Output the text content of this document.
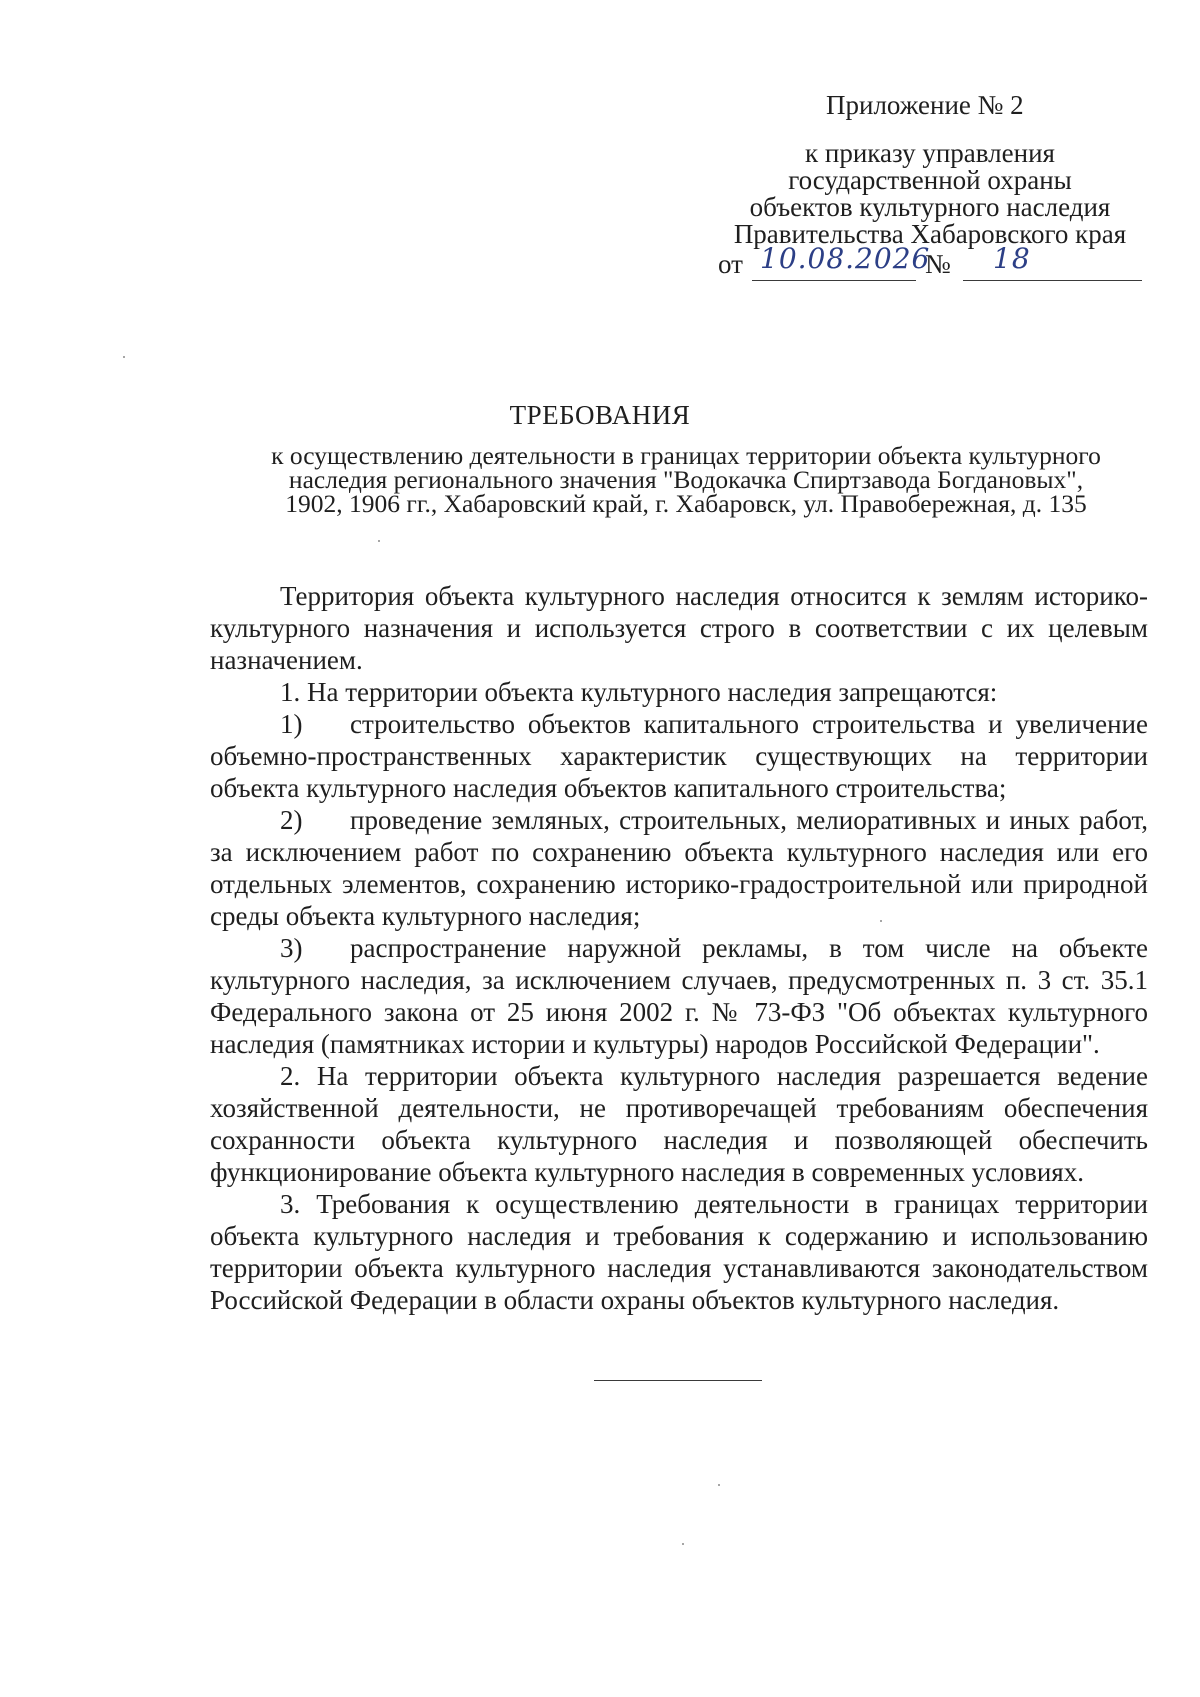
Приложение № 2
к приказу управления
государственной охраны
объектов культурного наследия
Правительства Хабаровского края
от 10.08.2026
№ 18
ТРЕБОВАНИЯ
к осуществлению деятельности в границах территории объекта культурного
наследия регионального значения "Водокачка Спиртзавода Богдановых",
1902, 1906 гг., Хабаровский край, г. Хабаровск, ул. Правобережная, д. 135

Территория объекта культурного наследия относится к землям историко-культурного назначения и используется строго в соответствии с их целевым назначением.

1. На территории объекта культурного наследия запрещаются:

1) строительство объектов капитального строительства и увеличение объемно-пространственных характеристик существующих на территории объекта культурного наследия объектов капитального строительства;

2) проведение земляных, строительных, мелиоративных и иных работ, за исключением работ по сохранению объекта культурного наследия или его отдельных элементов, сохранению историко-градостроительной или природной среды объекта культурного наследия;

3) распространение наружной рекламы, в том числе на объекте культурного наследия, за исключением случаев, предусмотренных п. 3 ст. 35.1 Федерального закона от 25 июня 2002 г. № 73-ФЗ "Об объектах культурного наследия (памятниках истории и культуры) народов Российской Федерации".

2. На территории объекта культурного наследия разрешается ведение хозяйственной деятельности, не противоречащей требованиям обеспечения сохранности объекта культурного наследия и позволяющей обеспечить функционирование объекта культурного наследия в современных условиях.

3. Требования к осуществлению деятельности в границах территории объекта культурного наследия и требования к содержанию и использованию территории объекта культурного наследия устанавливаются законодательством Российской Федерации в области охраны объектов культурного наследия.
